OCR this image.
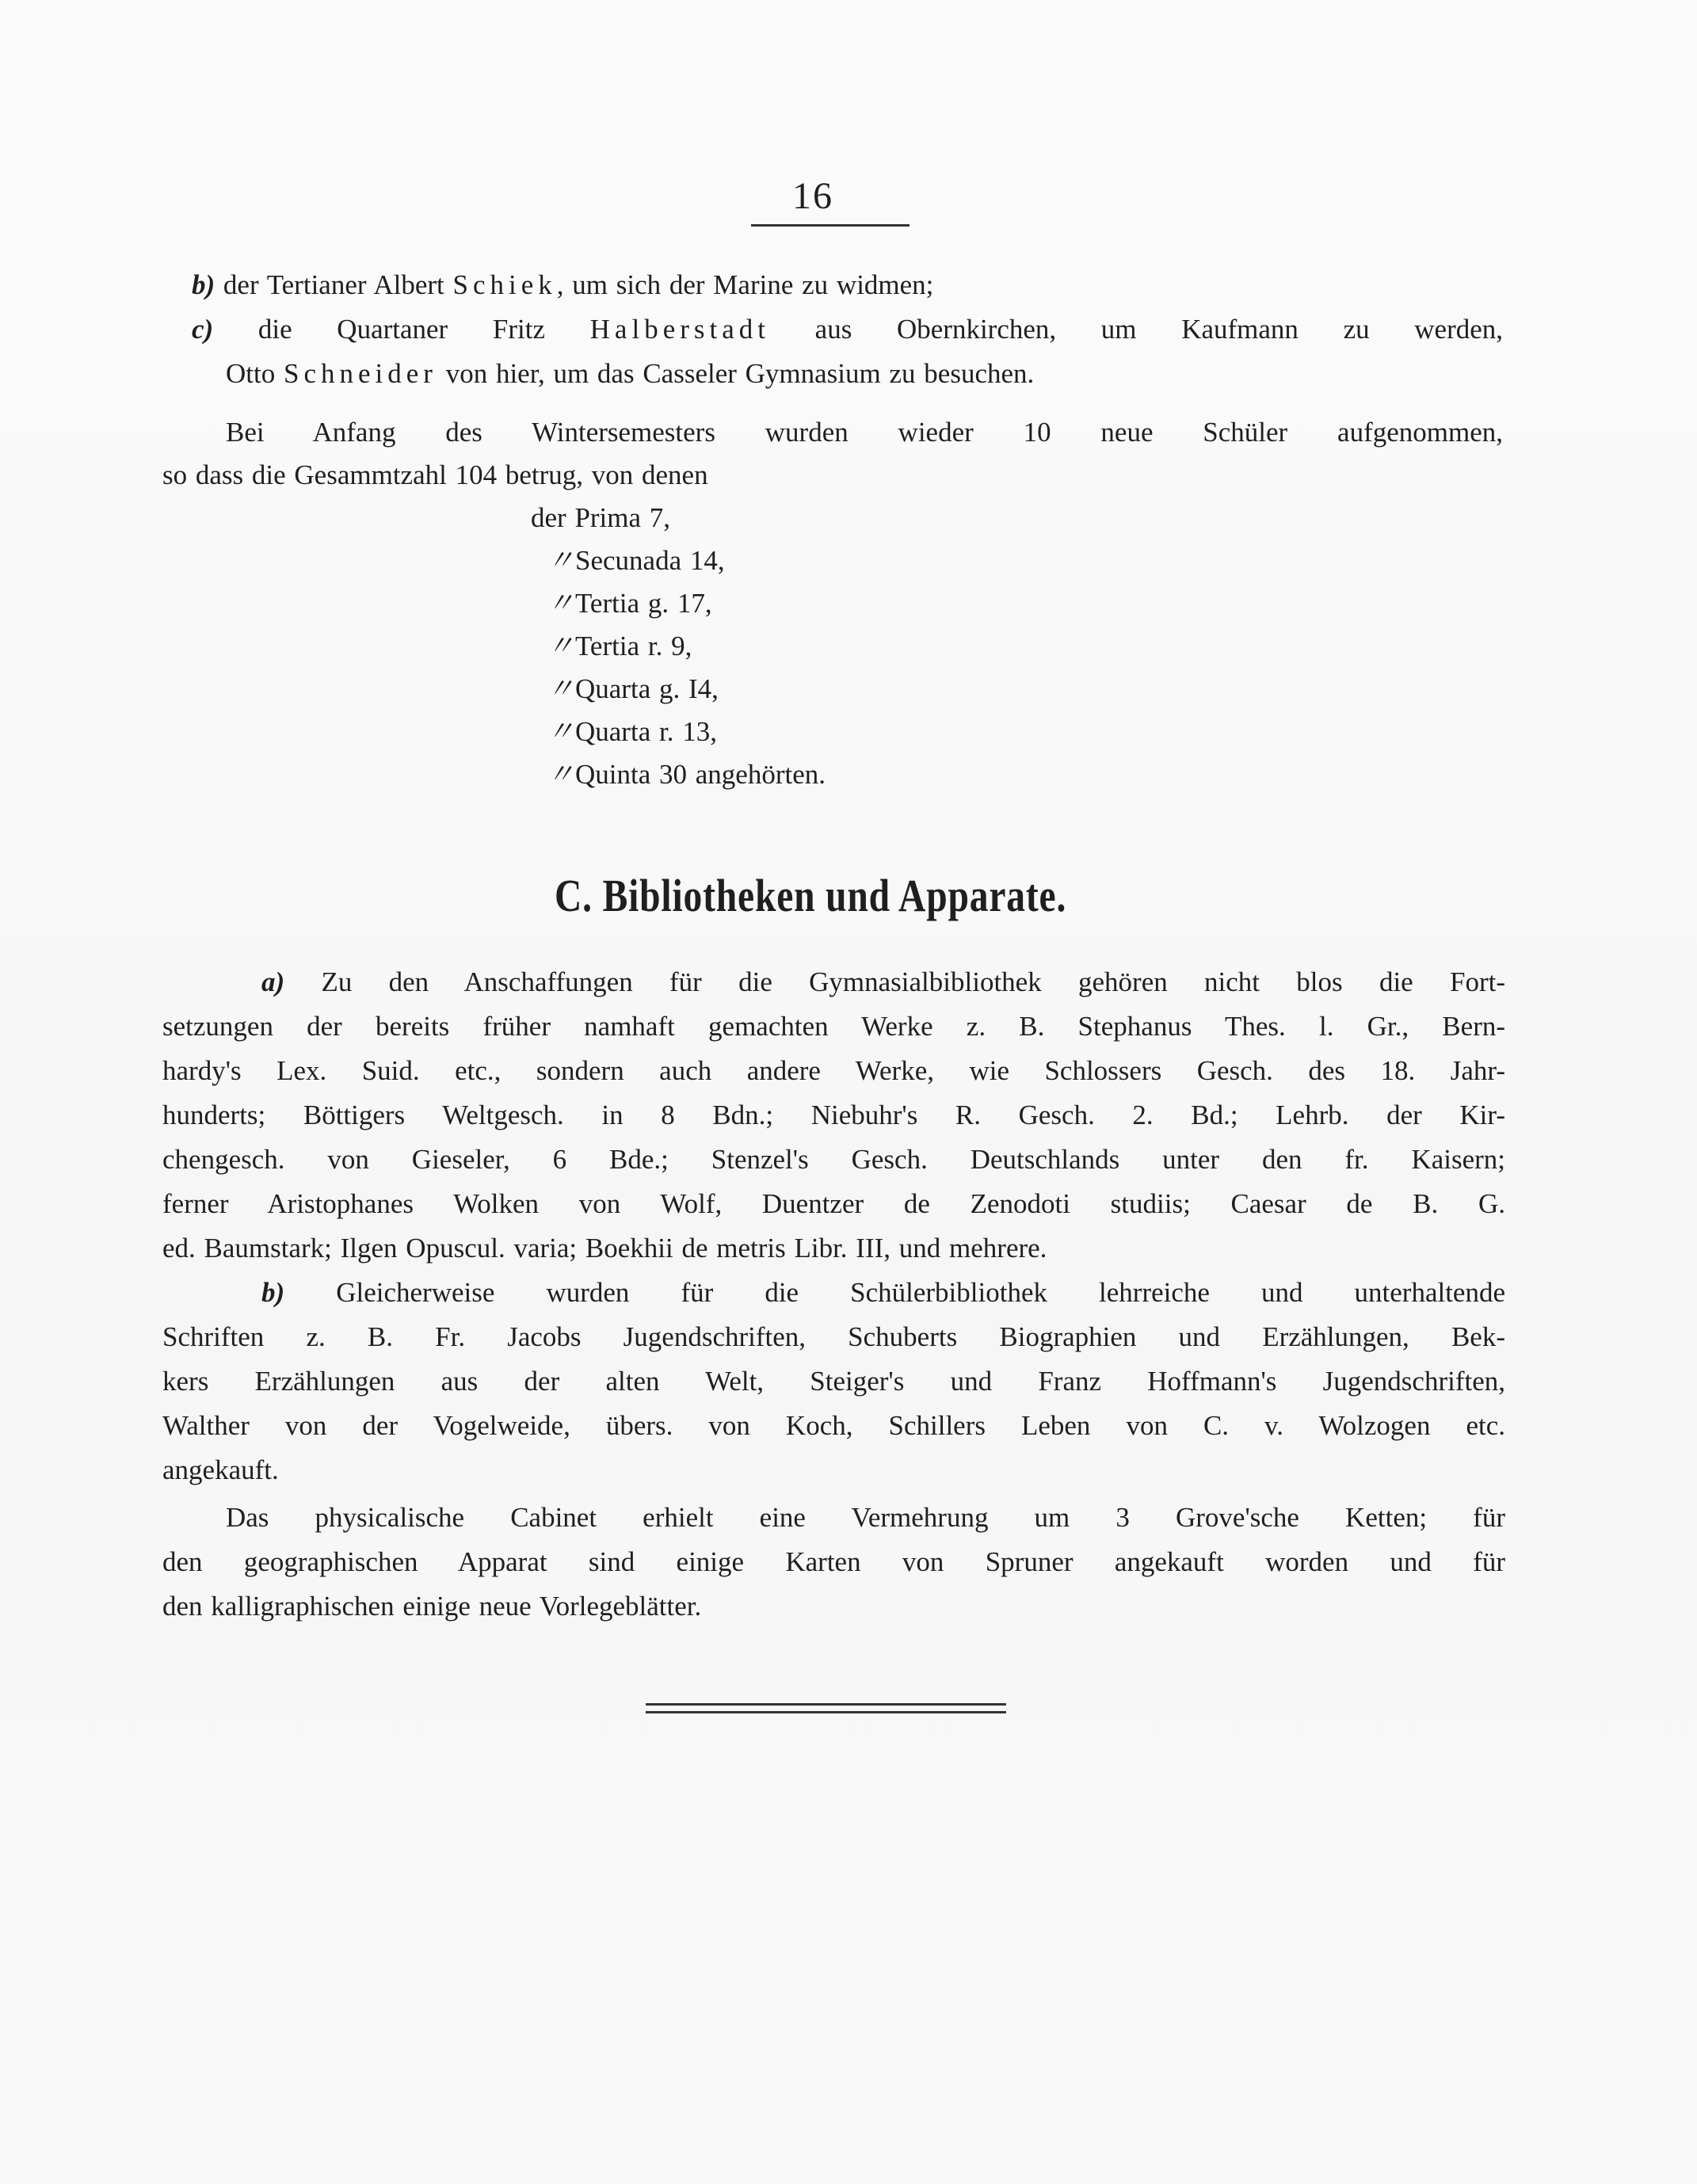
16
b) der Tertianer Albert Schiek, um sich der Marine zu widmen;
c) die Quartaner Fritz Halberstadt aus Obernkirchen, um Kaufmann zu werden,
Otto Schneider von hier, um das Casseler Gymnasium zu besuchen.
Bei Anfang des Wintersemesters wurden wieder 10 neue Schüler aufgenommen,
so dass die Gesammtzahl 104 betrug, von denen
der Prima 7,
〃Secunada 14,
〃Tertia g. 17,
〃Tertia r. 9,
〃Quarta g. I4,
〃Quarta r. 13,
〃Quinta 30 angehörten.
C. Bibliotheken und Apparate.
a) Zu den Anschaffungen für die Gymnasialbibliothek gehören nicht blos die Fort-
setzungen der bereits früher namhaft gemachten Werke z. B. Stephanus Thes. l. Gr., Bern-
hardy's Lex. Suid. etc., sondern auch andere Werke, wie Schlossers Gesch. des 18. Jahr-
hunderts; Böttigers Weltgesch. in 8 Bdn.; Niebuhr's R. Gesch. 2. Bd.; Lehrb. der Kir-
chengesch. von Gieseler, 6 Bde.; Stenzel's Gesch. Deutschlands unter den fr. Kaisern;
ferner Aristophanes Wolken von Wolf, Duentzer de Zenodoti studiis; Caesar de B. G.
ed. Baumstark; Ilgen Opuscul. varia; Boekhii de metris Libr. III, und mehrere.
b) Gleicherweise wurden für die Schülerbibliothek lehrreiche und unterhaltende
Schriften z. B. Fr. Jacobs Jugendschriften, Schuberts Biographien und Erzählungen, Bek-
kers Erzählungen aus der alten Welt, Steiger's und Franz Hoffmann's Jugendschriften,
Walther von der Vogelweide, übers. von Koch, Schillers Leben von C. v. Wolzogen etc.
angekauft.
Das physicalische Cabinet erhielt eine Vermehrung um 3 Grove'sche Ketten; für
den geographischen Apparat sind einige Karten von Spruner angekauft worden und für
den kalligraphischen einige neue Vorlegeblätter.
